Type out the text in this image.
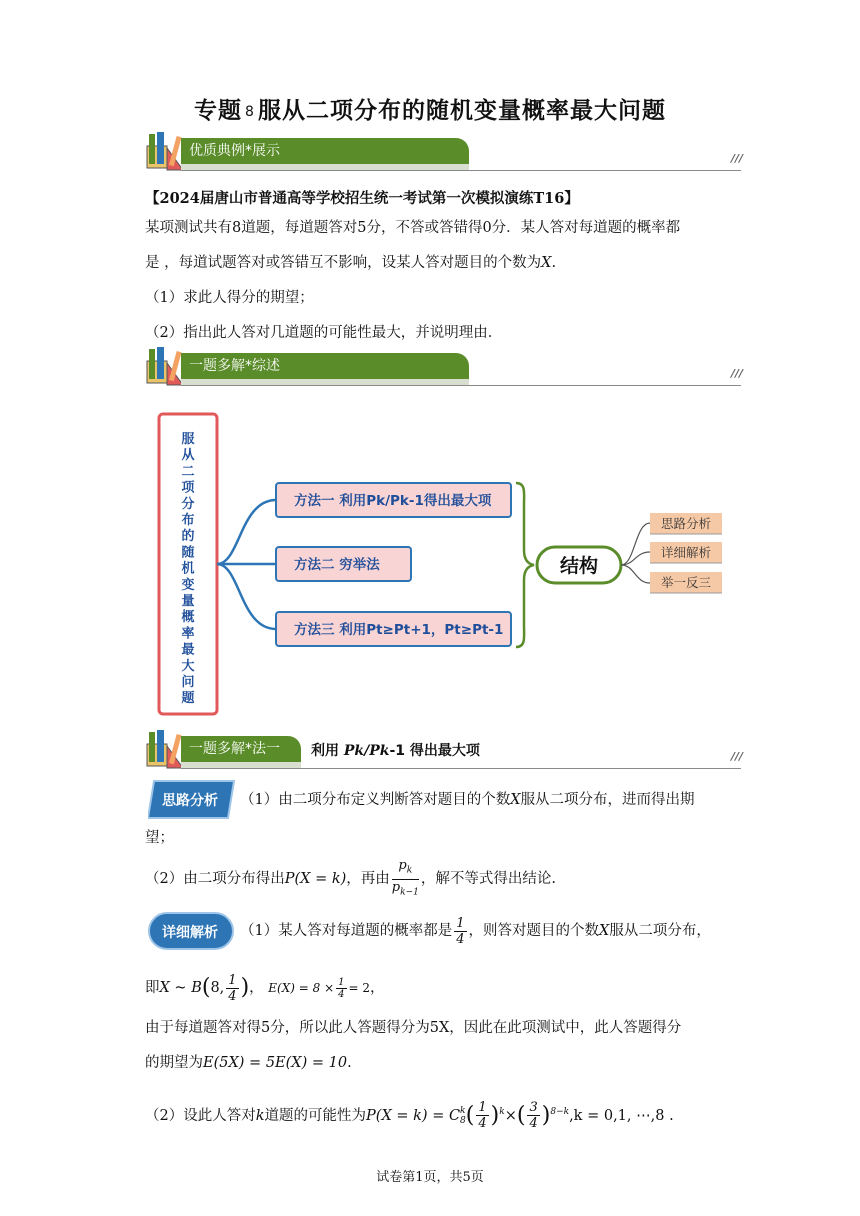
专题 8 服从二项分布的随机变量概率最大问题
优质典例*展示	///
【2024届唐山市普通高等学校招生统一考试第一次模拟演练T16】
某项测试共有8道题，每道题答对5分，不答或答错得0分．某人答对每道题的概率都
是 ，每道试题答对或答错互不影响，设某人答对题目的个数为X.
（1）求此人得分的期望；
（2）指出此人答对几道题的可能性最大，并说明理由．
一题多解*综述	///
服
从
二
项
分
布
的
随
机
变
量
概
率
最
大
问
题
方法一 利用Pk/Pk-1得出最大项
方法二 穷举法
方法三 利用Pt≥Pt+1，Pt≥Pt-1
结构
思路分析
详细解析
举一反三
一题多解*法一 利用 Pk/Pk-1 得出最大项	///
思路分析	（1）由二项分布定义判断答对题目的个数X服从二项分布，进而得出期
望；
（2）由二项分布得出P(X = k)，再由 $\frac{p_k}{p_{k-1}}$ ，解不等式得出结论.
详细解析	（1）某人答对每道题的概率都是 $\frac{1}{4}$ ，则答对题目的个数X服从二项分布，
即X ~ B(8, $\frac{1}{4}$ )， $E(X) = 8 \times \frac{1}{4} = 2$，
由于每道题答对得5分，所以此人答题得分为5X，因此在此项测试中，此人答题得分
的期望为E(5X) = 5E(X) = 10.
（2）设此人答对k道题的可能性为P(X = k) = C k
8 ( $\frac{1}{4} )^k\times( \frac{3}{4} )^{8-k},k = 0,1$, ⋯,8 .
试卷第1页，共5页
